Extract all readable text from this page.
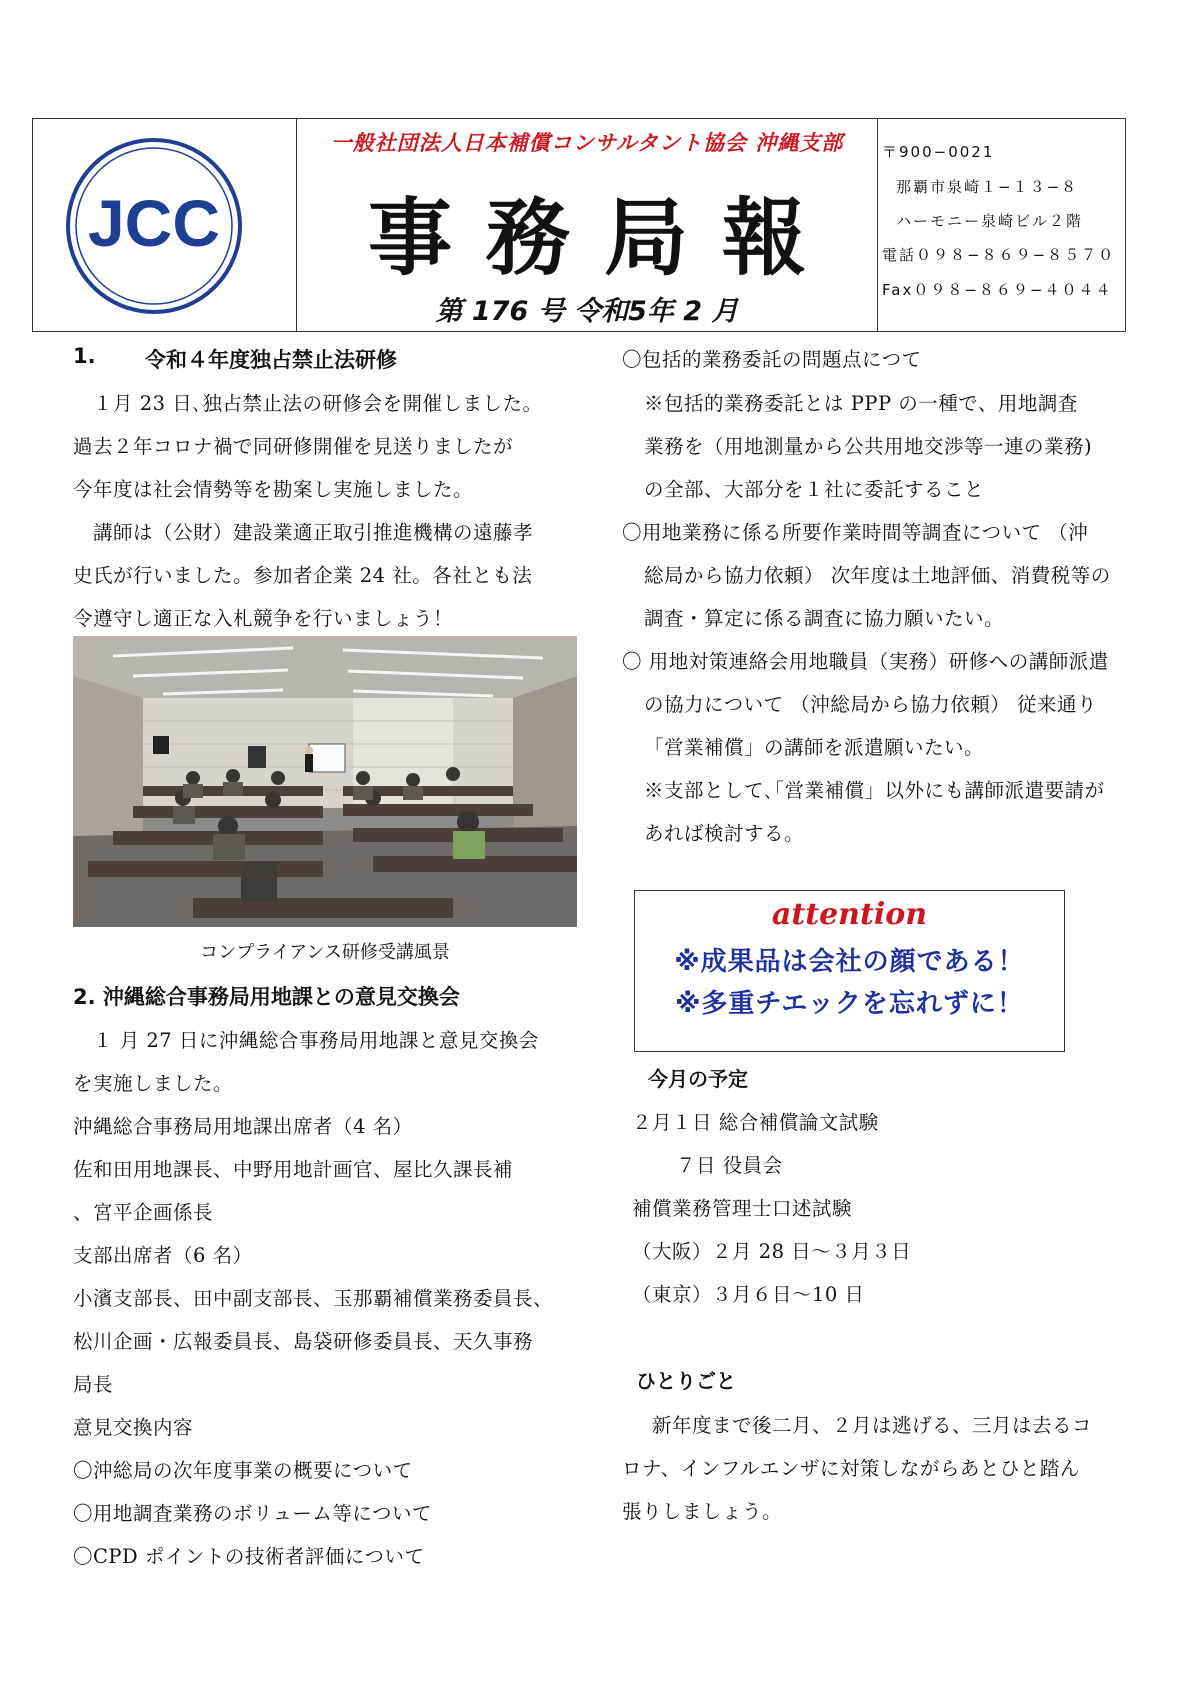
JCC
一般社団法人日本補償コンサルタント協会 沖縄支部
事務局報
第 176 号 令和5年 2 月
〒900−0021
那覇市泉崎１−１３−８
ハーモニー泉崎ビル２階
電話０９８−８６９−８５７０
Fax０９８−８６９−４０４４
1. 令和４年度独占禁止法研修
１月 23 日､独占禁止法の研修会を開催しました。
過去２年コロナ禍で同研修開催を見送りましたが
今年度は社会情勢等を勘案し実施しました。
講師は（公財）建設業適正取引推進機構の遠藤孝
史氏が行いました。参加者企業 24 社。各社とも法
令遵守し適正な入札競争を行いましょう！
コンプライアンス研修受講風景
2. 沖縄総合事務局用地課との意見交換会
１ 月 27 日に沖縄総合事務局用地課と意見交換会
を実施しました。
沖縄総合事務局用地課出席者（4 名）
佐和田用地課長、中野用地計画官、屋比久課長補
、宮平企画係長
支部出席者（6 名）
小濱支部長、田中副支部長、玉那覇補償業務委員長、
松川企画・広報委員長、島袋研修委員長、天久事務
局長
意見交換内容
〇沖総局の次年度事業の概要について
〇用地調査業務のボリューム等について
〇CPD ポイントの技術者評価について
〇包括的業務委託の問題点につて
※包括的業務委託とは PPP の一種で、用地調査
業務を（用地測量から公共用地交渉等一連の業務)
の全部、大部分を１社に委託すること
〇用地業務に係る所要作業時間等調査について （沖
総局から協力依頼） 次年度は土地評価、消費税等の
調査・算定に係る調査に協力願いたい。
〇 用地対策連絡会用地職員（実務）研修への講師派遣
の協力について （沖総局から協力依頼） 従来通り
「営業補償」の講師を派遣願いたい。
※支部として､｢営業補償」以外にも講師派遣要請が
あれば検討する。
attention
※成果品は会社の顔である！
※多重チエックを忘れずに！
今月の予定
２月１日 総合補償論文試験
７日 役員会
補償業務管理士口述試験
（大阪）２月 28 日〜３月３日
（東京）３月６日〜10 日
ひとりごと
新年度まで後二月、２月は逃げる、三月は去るコ
ロナ、インフルエンザに対策しながらあとひと踏ん
張りしましょう。
